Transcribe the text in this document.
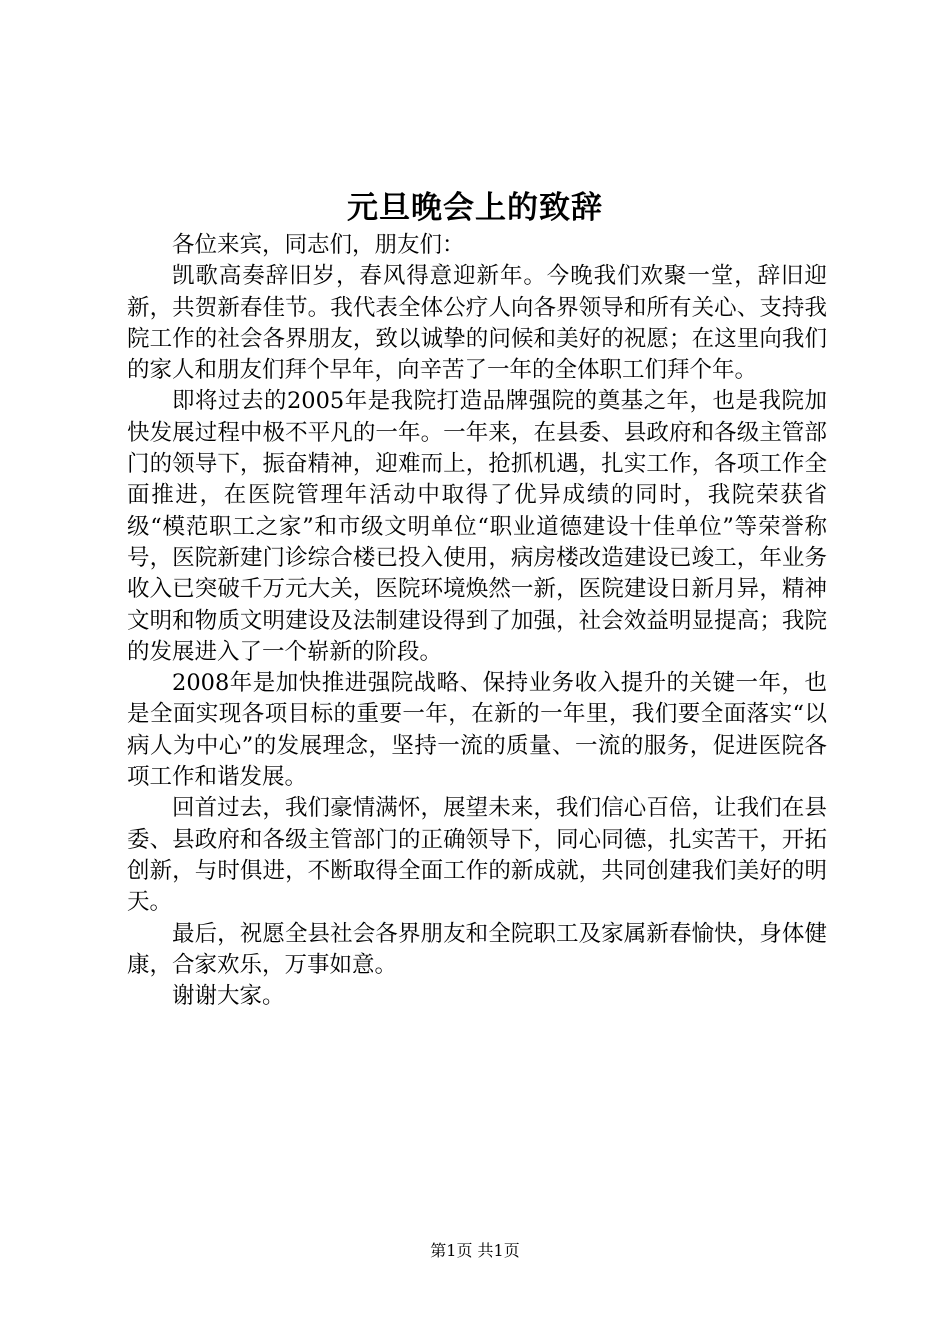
元旦晚会上的致辞

各位来宾，同志们，朋友们：

凯歌高奏辞旧岁，春风得意迎新年。今晚我们欢聚一堂，辞旧迎新，共贺新春佳节。我代表全体公疗人向各界领导和所有关心、支持我院工作的社会各界朋友，致以诚挚的问候和美好的祝愿；在这里向我们的家人和朋友们拜个早年，向辛苦了一年的全体职工们拜个年。

即将过去的2005年是我院打造品牌强院的奠基之年，也是我院加快发展过程中极不平凡的一年。一年来，在县委、县政府和各级主管部门的领导下，振奋精神，迎难而上，抢抓机遇，扎实工作，各项工作全面推进，在医院管理年活动中取得了优异成绩的同时，我院荣获省级“模范职工之家”和市级文明单位“职业道德建设十佳单位”等荣誉称号，医院新建门诊综合楼已投入使用，病房楼改造建设已竣工，年业务收入已突破千万元大关，医院环境焕然一新，医院建设日新月异，精神文明和物质文明建设及法制建设得到了加强，社会效益明显提高；我院的发展进入了一个崭新的阶段。

2008年是加快推进强院战略、保持业务收入提升的关键一年，也是全面实现各项目标的重要一年，在新的一年里，我们要全面落实“以病人为中心”的发展理念，坚持一流的质量、一流的服务，促进医院各项工作和谐发展。

回首过去，我们豪情满怀，展望未来，我们信心百倍，让我们在县委、县政府和各级主管部门的正确领导下，同心同德，扎实苦干，开拓创新，与时俱进，不断取得全面工作的新成就，共同创建我们美好的明天。

最后，祝愿全县社会各界朋友和全院职工及家属新春愉快，身体健康，合家欢乐，万事如意。

谢谢大家。

第1页 共1页
